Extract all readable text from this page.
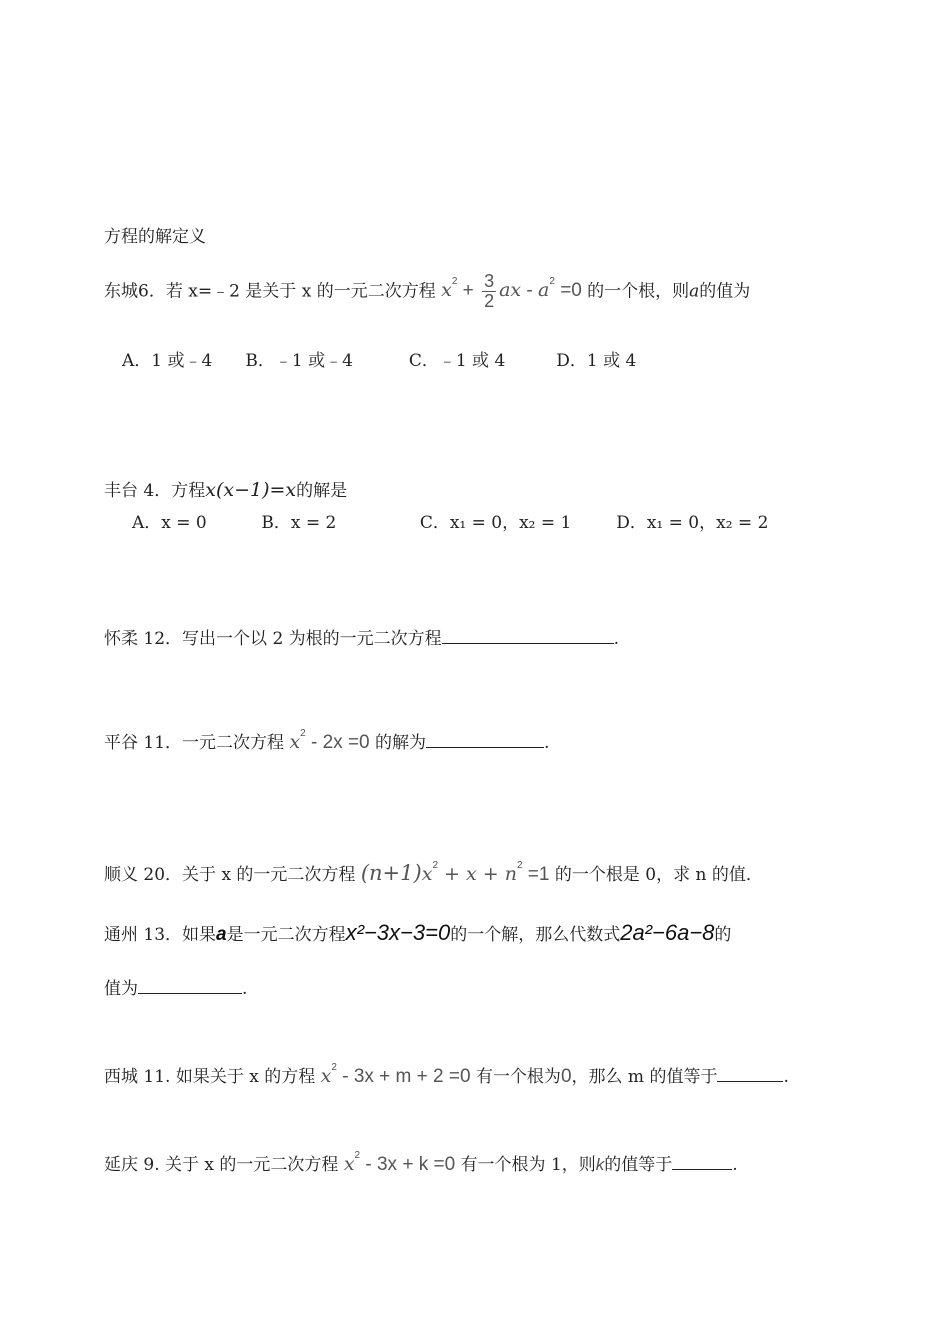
方程的解定义
东城6．若 x=﹣2 是关于 x 的一元二次方程 $x^2 + \frac{3}{2}$ ax - $a^2 =0$ 的一个根，则a的值为
A．1 或﹣4 B．﹣1 或﹣4	C．﹣1 或 4	D．1 或 4
丰台 4．方程x(x−1)=x的解是
A．x = 0	B．x = 2	C．x₁ = 0，x₂ = 1	D．x₁ = 0，x₂ = 2
怀柔 12．写出一个以 2 为根的一元二次方程	.
平谷 11．一元二次方程 $x^2 - 2x =0$ 的解为	.
顺义 20．关于 x 的一元二次方程 $(n+1)x^2 + x + n^2 =1$ 的一个根是 0，求 n 的值．
通州 13．如果a是一元二次方程x²−3x−3=0的一个解，那么代数式2a²−6a−8的
值为	.
西城 11. 如果关于 x 的方程 $x^2 - 3x + m + 2 =0$ 有一个根为0，那么 m 的值等于	.
延庆 9. 关于 x 的一元二次方程 $x^2 - 3x + k =0$ 有一个根为 1，则k的值等于	.
